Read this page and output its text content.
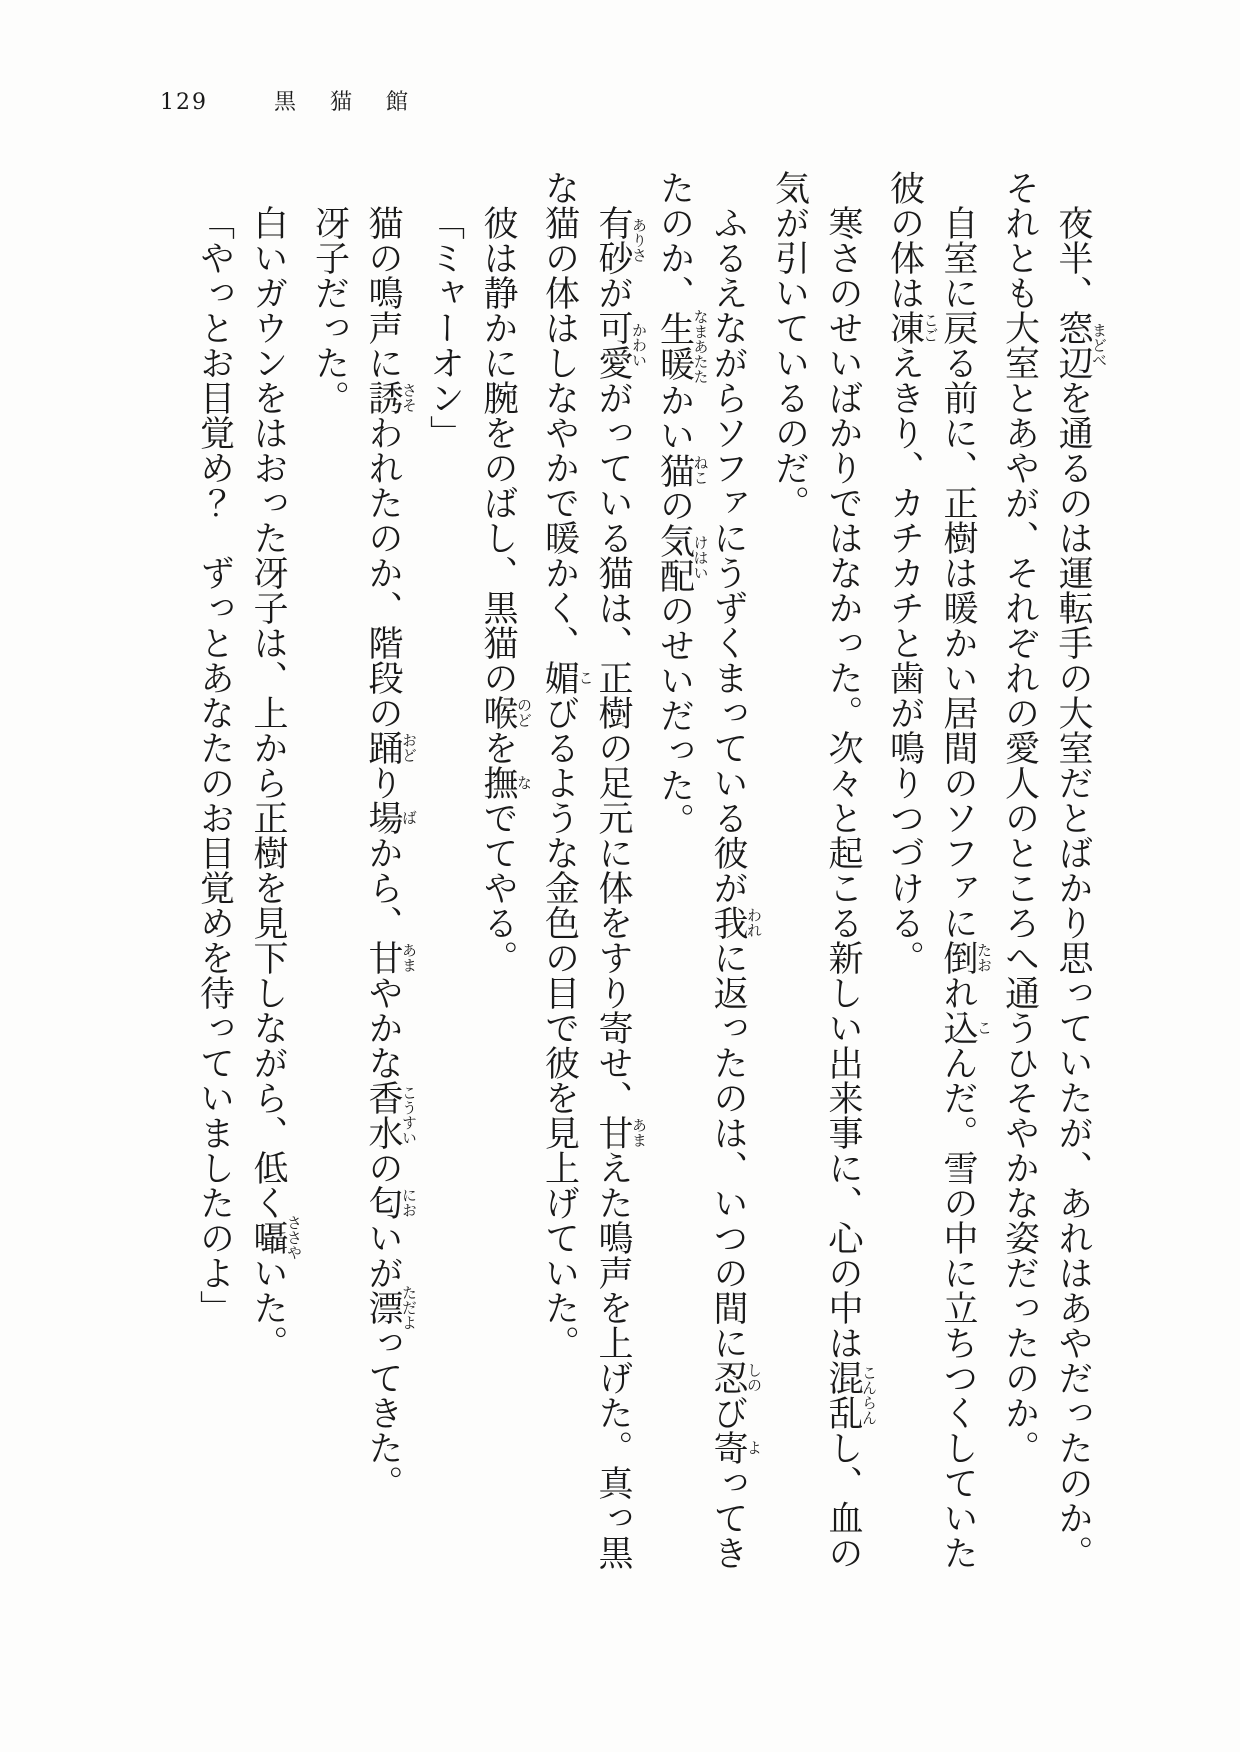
129	黒猫館

夜半、窓辺まどべを通るのは運転手の大室だとばかり思っていたが、あれはあやだったのか。それとも大室とあやが、それぞれの愛人のところへ通うひそやかな姿だったのか。

自室に戻る前に、正樹は暖かい居間のソファに倒たおれ込こんだ。雪の中に立ちつくしていた彼の体は凍こごえきり、カチカチと歯が鳴りつづける。

寒さのせいばかりではなかった。次々と起こる新しい出来事に、心の中は混乱こんらんし、血の気が引いているのだ。

ふるえながらソファにうずくまっている彼が我われに返ったのは、いつの間に忍しのび寄よってきたのか、生暖なまあたたかい猫ねこの気配けはいのせいだった。

有砂ありさが可愛かわいがっている猫は、正樹の足元に体をすり寄せ、甘あまえた鳴声を上げた。真っ黒な猫の体はしなやかで暖かく、媚こびるような金色の目で彼を見上げていた。

彼は静かに腕をのばし、黒猫の喉のどを撫なでてやる。

「ミャーオン」

猫の鳴声に誘さそわれたのか、階段の踊おどり場ばから、甘あまやかな香水こうすいの匂においが漂ただよってきた。

冴子だった。

白いガウンをはおった冴子は、上から正樹を見下しながら、低く囁ささやいた。

「やっとお目覚め？　ずっとあなたのお目覚めを待っていましたのよ」
